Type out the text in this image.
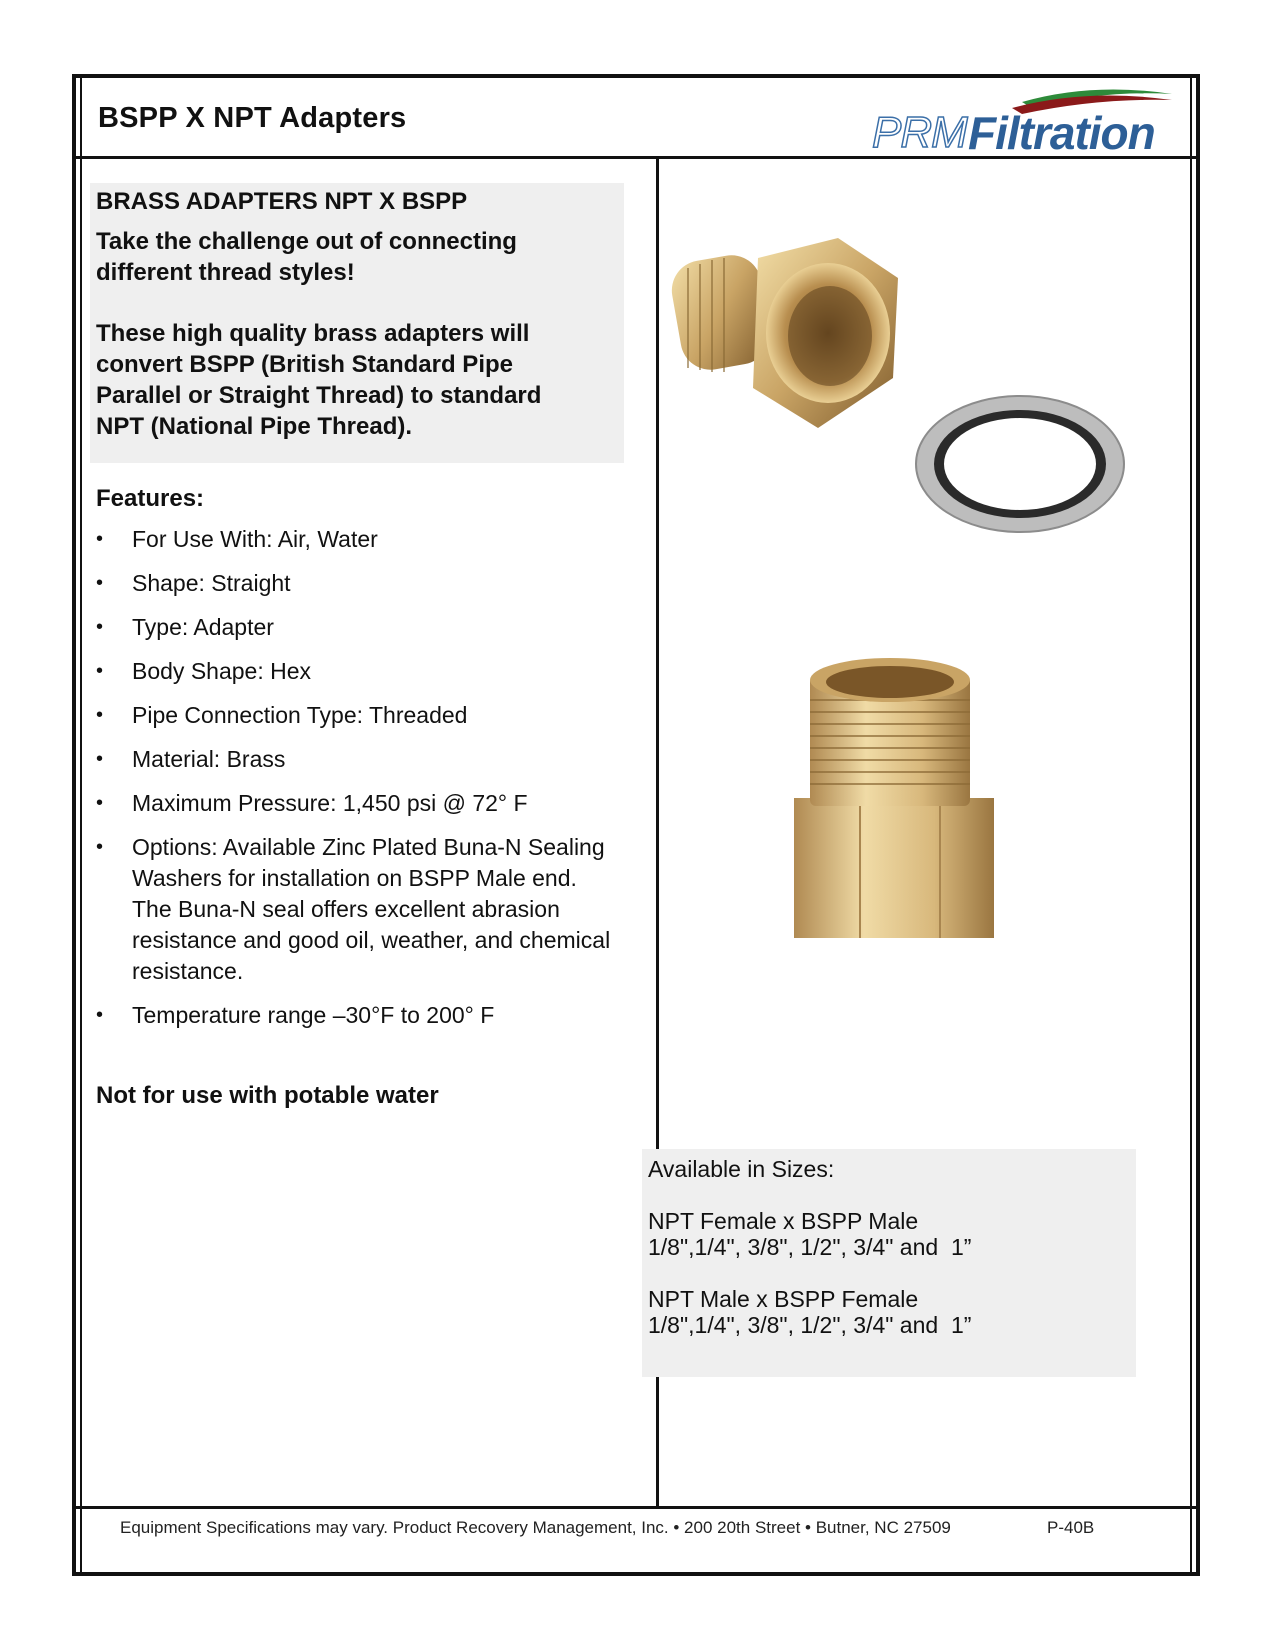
BSPP X NPT Adapters	PRM Filtration
BRASS ADAPTERS NPT X BSPP
Take the challenge out of connecting different thread styles!
These high quality brass adapters will convert BSPP (British Standard Pipe Parallel or Straight Thread) to standard NPT (National Pipe Thread).
Features:
• For Use With: Air, Water
• Shape: Straight
• Type: Adapter
• Body Shape: Hex
• Pipe Connection Type: Threaded
• Material: Brass
• Maximum Pressure: 1,450 psi @ 72° F
• Options: Available Zinc Plated Buna-N Sealing Washers for installation on BSPP Male end. The Buna-N seal offers excellent abrasion resistance and good oil, weather, and chemical resistance.
• Temperature range –30°F to 200° F
Not for use with potable water
Available in Sizes:
NPT Female x BSPP Male
1/8",1/4", 3/8", 1/2", 3/4" and  1”
NPT Male x BSPP Female
1/8",1/4", 3/8", 1/2", 3/4" and  1”
Equipment Specifications may vary. Product Recovery Management, Inc. • 200 20th Street • Butner, NC 27509	P-40B
